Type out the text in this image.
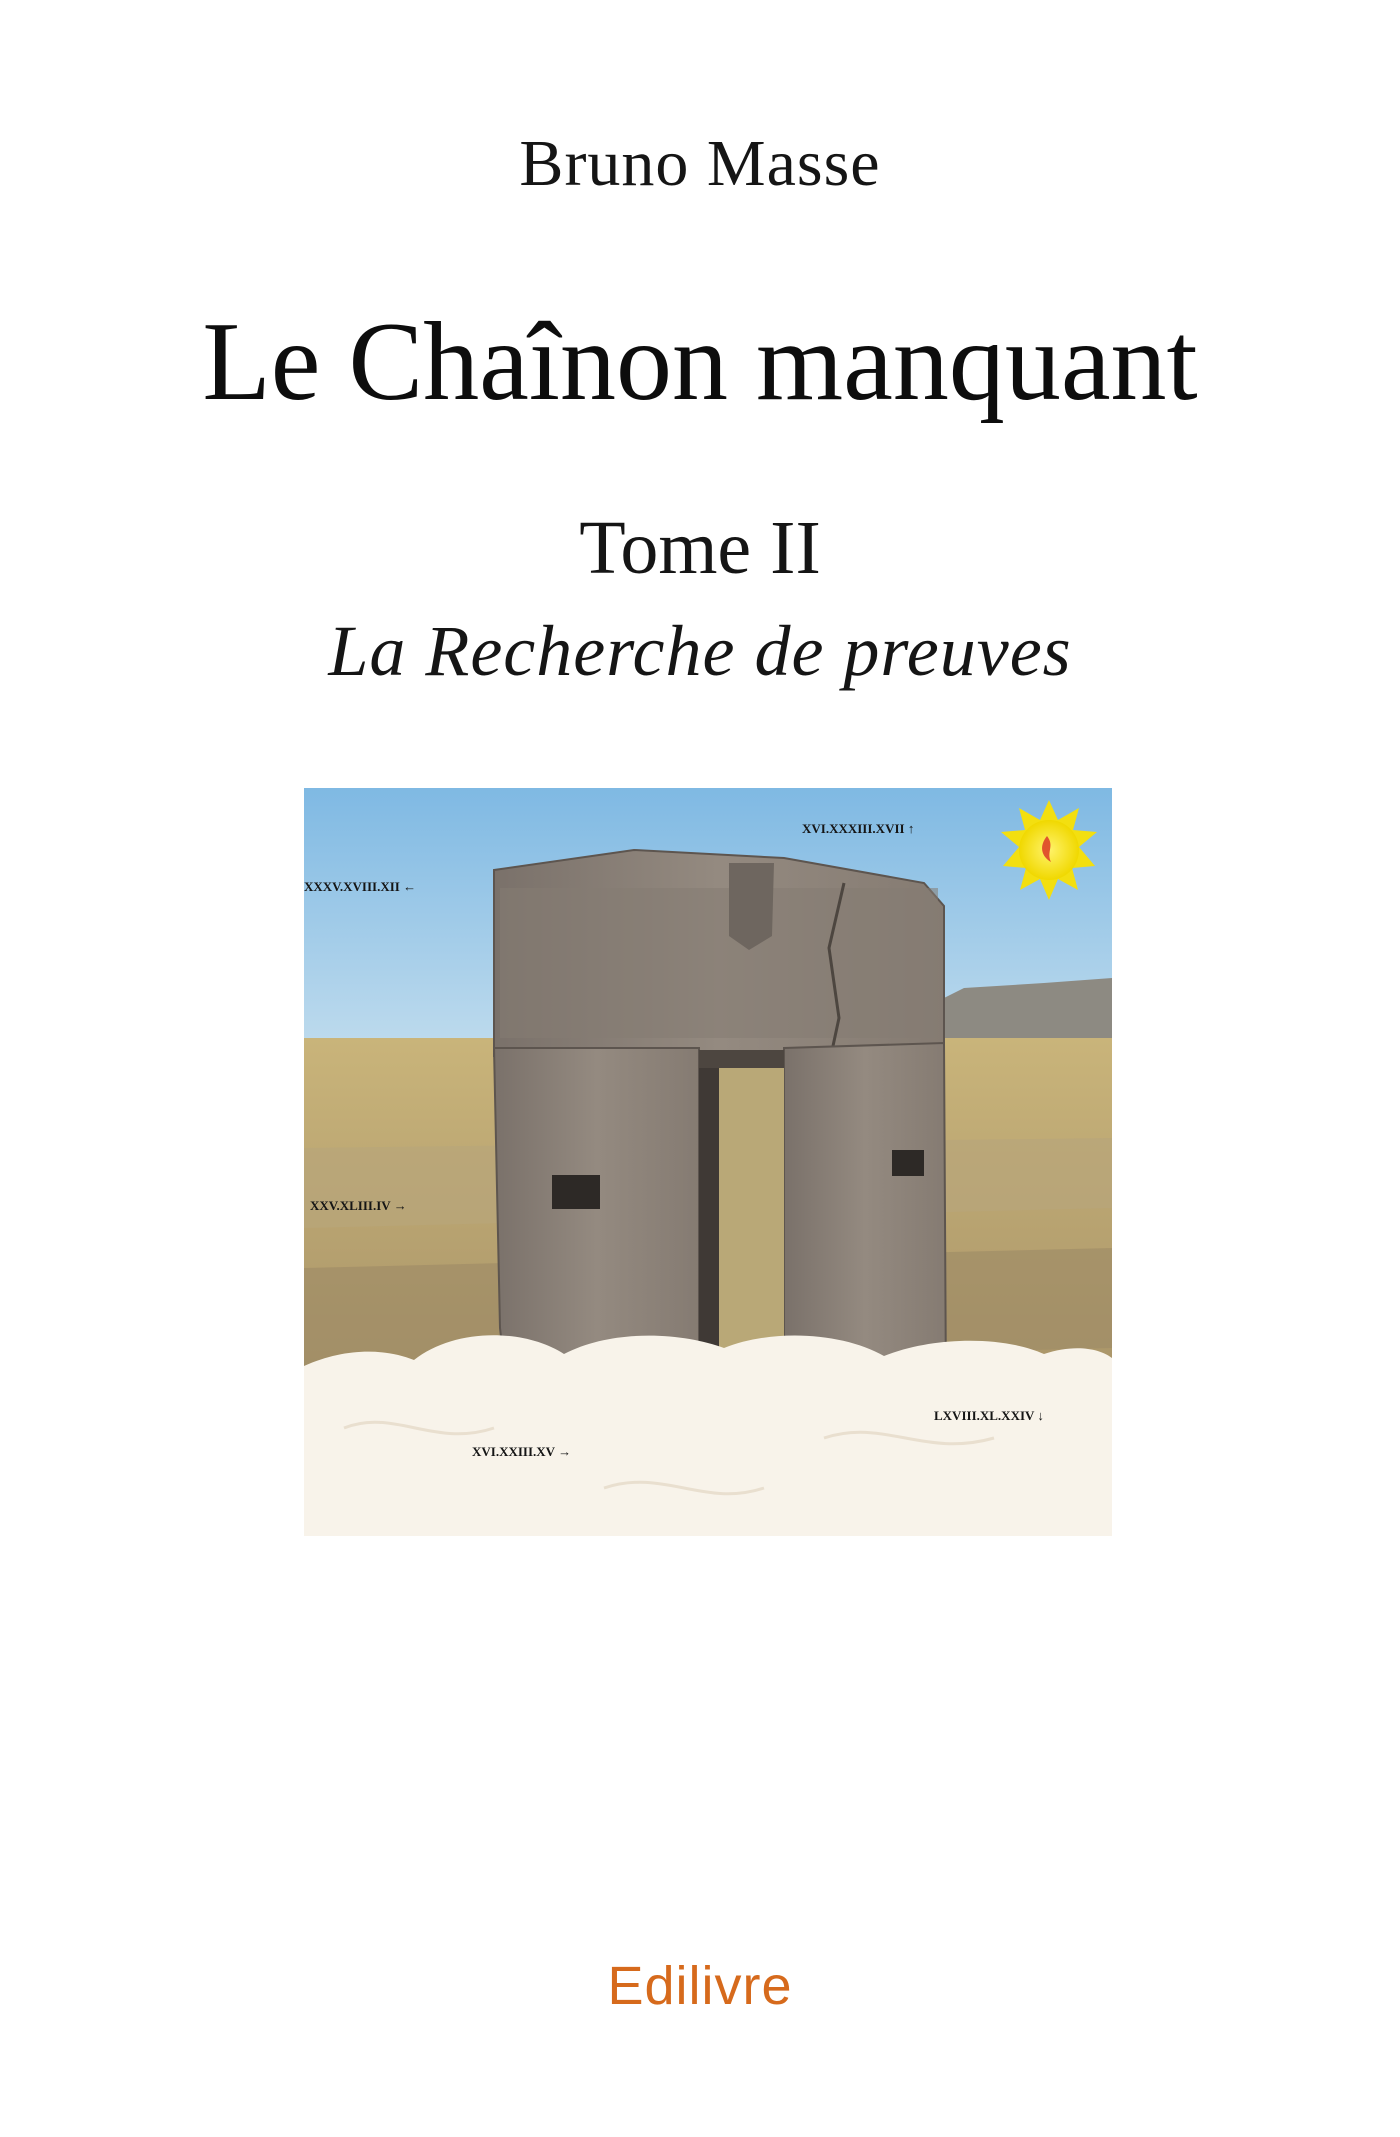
Bruno Masse
Le Chaînon manquant
Tome II
La Recherche de preuves
XVI.XXXIII.XVII ↑
XXXV.XVIII.XII ←
XXV.XLIII.IV →
XVI.XXIII.XV →
LXVIII.XL.XXIV ↓
Edilivre
